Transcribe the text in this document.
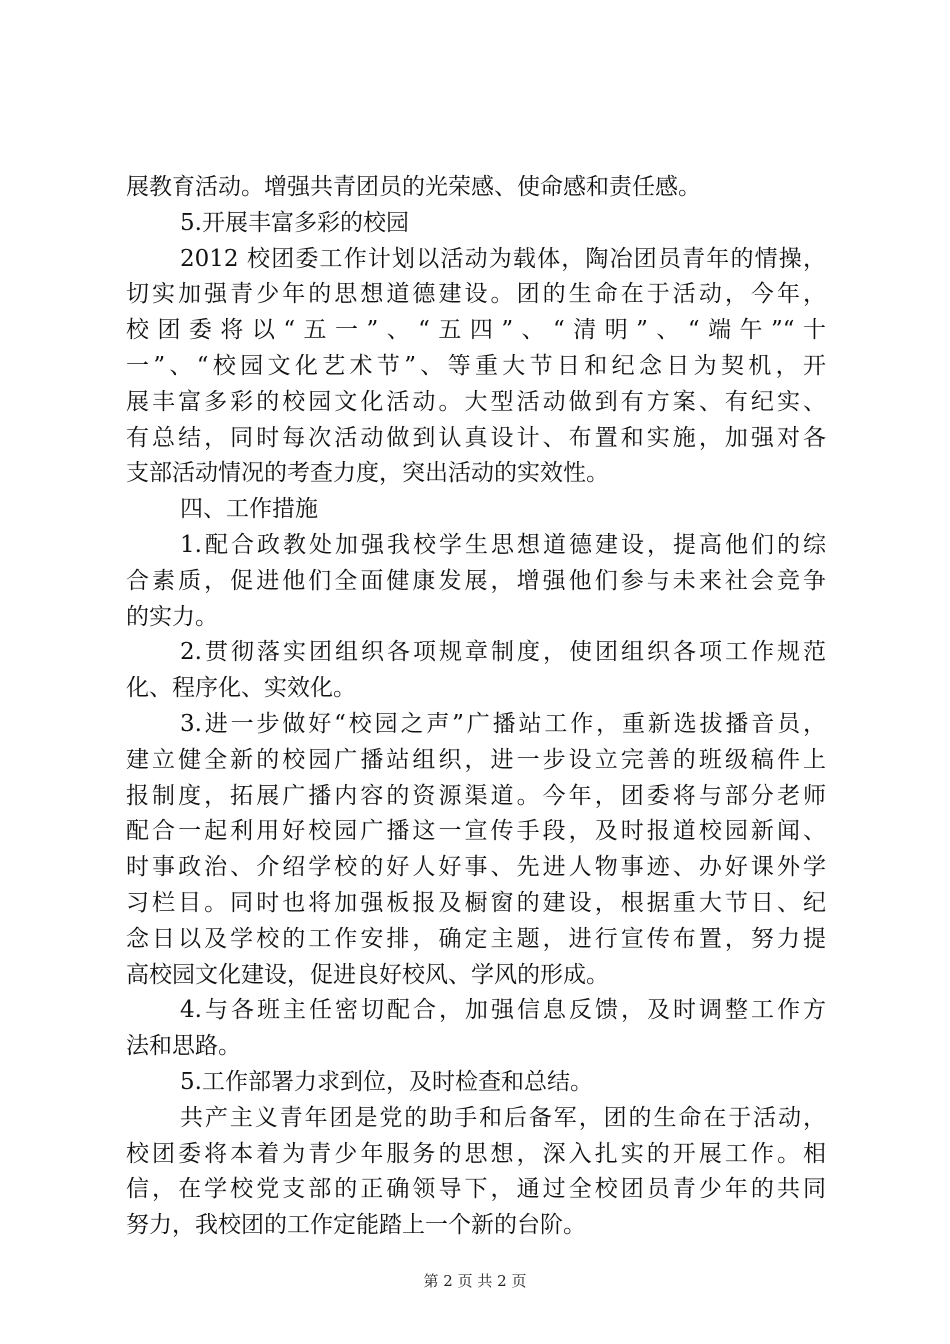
展教育活动。增强共青团员的光荣感、使命感和责任感。
5.开展丰富多彩的校园
2012 校团委工作计划以活动为载体，陶冶团员青年的情操，
切实加强青少年的思想道德建设。团的生命在于活动，今年，
校团委将以“五一”、“五四”、“清明”、“端午”“十
一”、“校园文化艺术节”、等重大节日和纪念日为契机，开
展丰富多彩的校园文化活动。大型活动做到有方案、有纪实、
有总结，同时每次活动做到认真设计、布置和实施，加强对各
支部活动情况的考查力度，突出活动的实效性。
四、工作措施
1.配合政教处加强我校学生思想道德建设，提高他们的综
合素质，促进他们全面健康发展，增强他们参与未来社会竞争
的实力。
2.贯彻落实团组织各项规章制度，使团组织各项工作规范
化、程序化、实效化。
3.进一步做好“校园之声”广播站工作，重新选拔播音员，
建立健全新的校园广播站组织，进一步设立完善的班级稿件上
报制度，拓展广播内容的资源渠道。今年，团委将与部分老师
配合一起利用好校园广播这一宣传手段，及时报道校园新闻、
时事政治、介绍学校的好人好事、先进人物事迹、办好课外学
习栏目。同时也将加强板报及橱窗的建设，根据重大节日、纪
念日以及学校的工作安排，确定主题，进行宣传布置，努力提
高校园文化建设，促进良好校风、学风的形成。
4.与各班主任密切配合，加强信息反馈，及时调整工作方
法和思路。
5.工作部署力求到位，及时检查和总结。
共产主义青年团是党的助手和后备军，团的生命在于活动，
校团委将本着为青少年服务的思想，深入扎实的开展工作。相
信，在学校党支部的正确领导下，通过全校团员青少年的共同
努力，我校团的工作定能踏上一个新的台阶。
第 2 页 共 2 页
